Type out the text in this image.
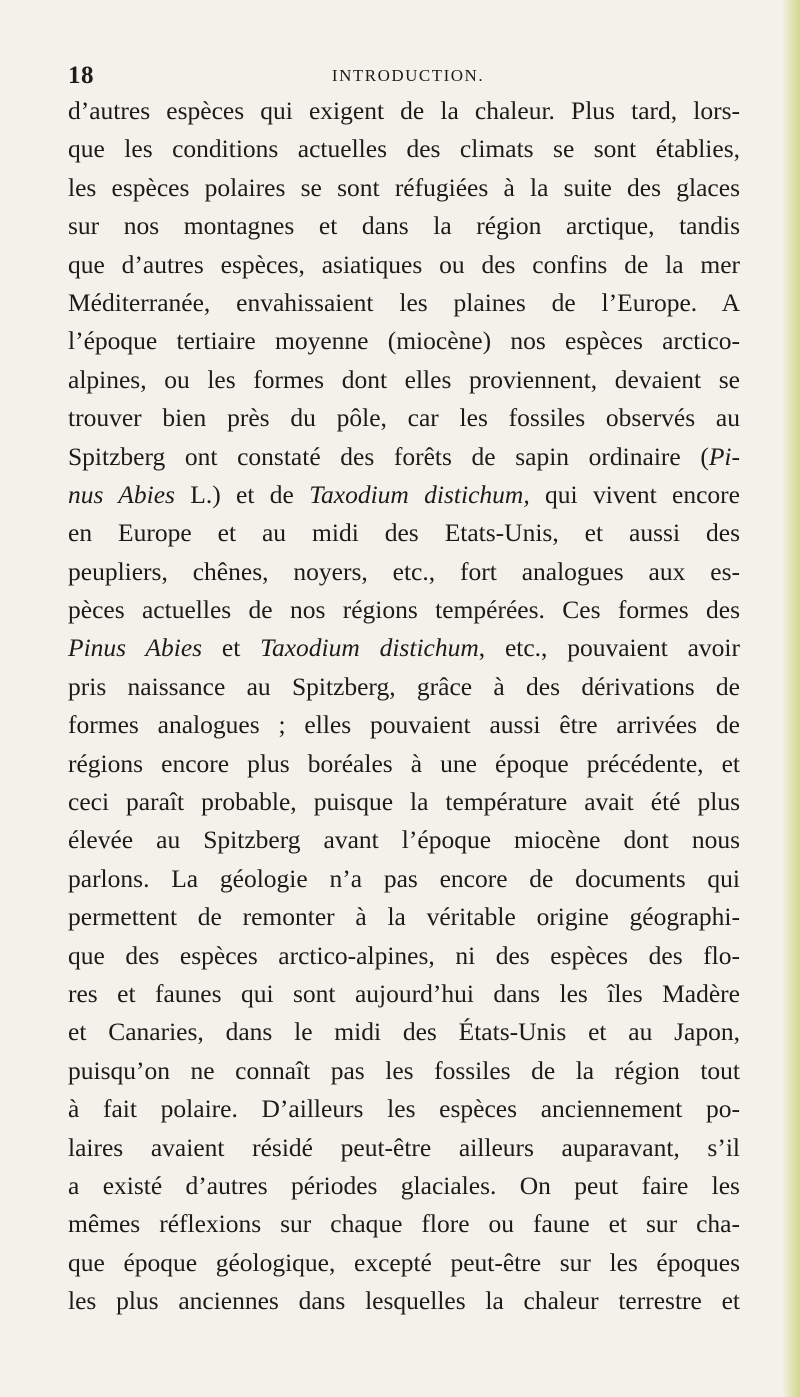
18	INTRODUCTION.
d’autres espèces qui exigent de la chaleur. Plus tard, lors-
que les conditions actuelles des climats se sont établies,
les espèces polaires se sont réfugiées à la suite des glaces
sur nos montagnes et dans la région arctique, tandis
que d’autres espèces, asiatiques ou des confins de la mer
Méditerranée, envahissaient les plaines de l’Europe. A
l’époque tertiaire moyenne (miocène) nos espèces arctico-
alpines, ou les formes dont elles proviennent, devaient se
trouver bien près du pôle, car les fossiles observés au
Spitzberg ont constaté des forêts de sapin ordinaire (Pi-
nus Abies L.) et de Taxodium distichum, qui vivent encore
en Europe et au midi des Etats-Unis, et aussi des
peupliers, chênes, noyers, etc., fort analogues aux es-
pèces actuelles de nos régions tempérées. Ces formes des
Pinus Abies et Taxodium distichum, etc., pouvaient avoir
pris naissance au Spitzberg, grâce à des dérivations de
formes analogues ; elles pouvaient aussi être arrivées de
régions encore plus boréales à une époque précédente, et
ceci paraît probable, puisque la température avait été plus
élevée au Spitzberg avant l’époque miocène dont nous
parlons. La géologie n’a pas encore de documents qui
permettent de remonter à la véritable origine géographi-
que des espèces arctico-alpines, ni des espèces des flo-
res et faunes qui sont aujourd’hui dans les îles Madère
et Canaries, dans le midi des États-Unis et au Japon,
puisqu’on ne connaît pas les fossiles de la région tout
à fait polaire. D’ailleurs les espèces anciennement po-
laires avaient résidé peut-être ailleurs auparavant, s’il
a existé d’autres périodes glaciales. On peut faire les
mêmes réflexions sur chaque flore ou faune et sur cha-
que époque géologique, excepté peut-être sur les époques
les plus anciennes dans lesquelles la chaleur terrestre et
